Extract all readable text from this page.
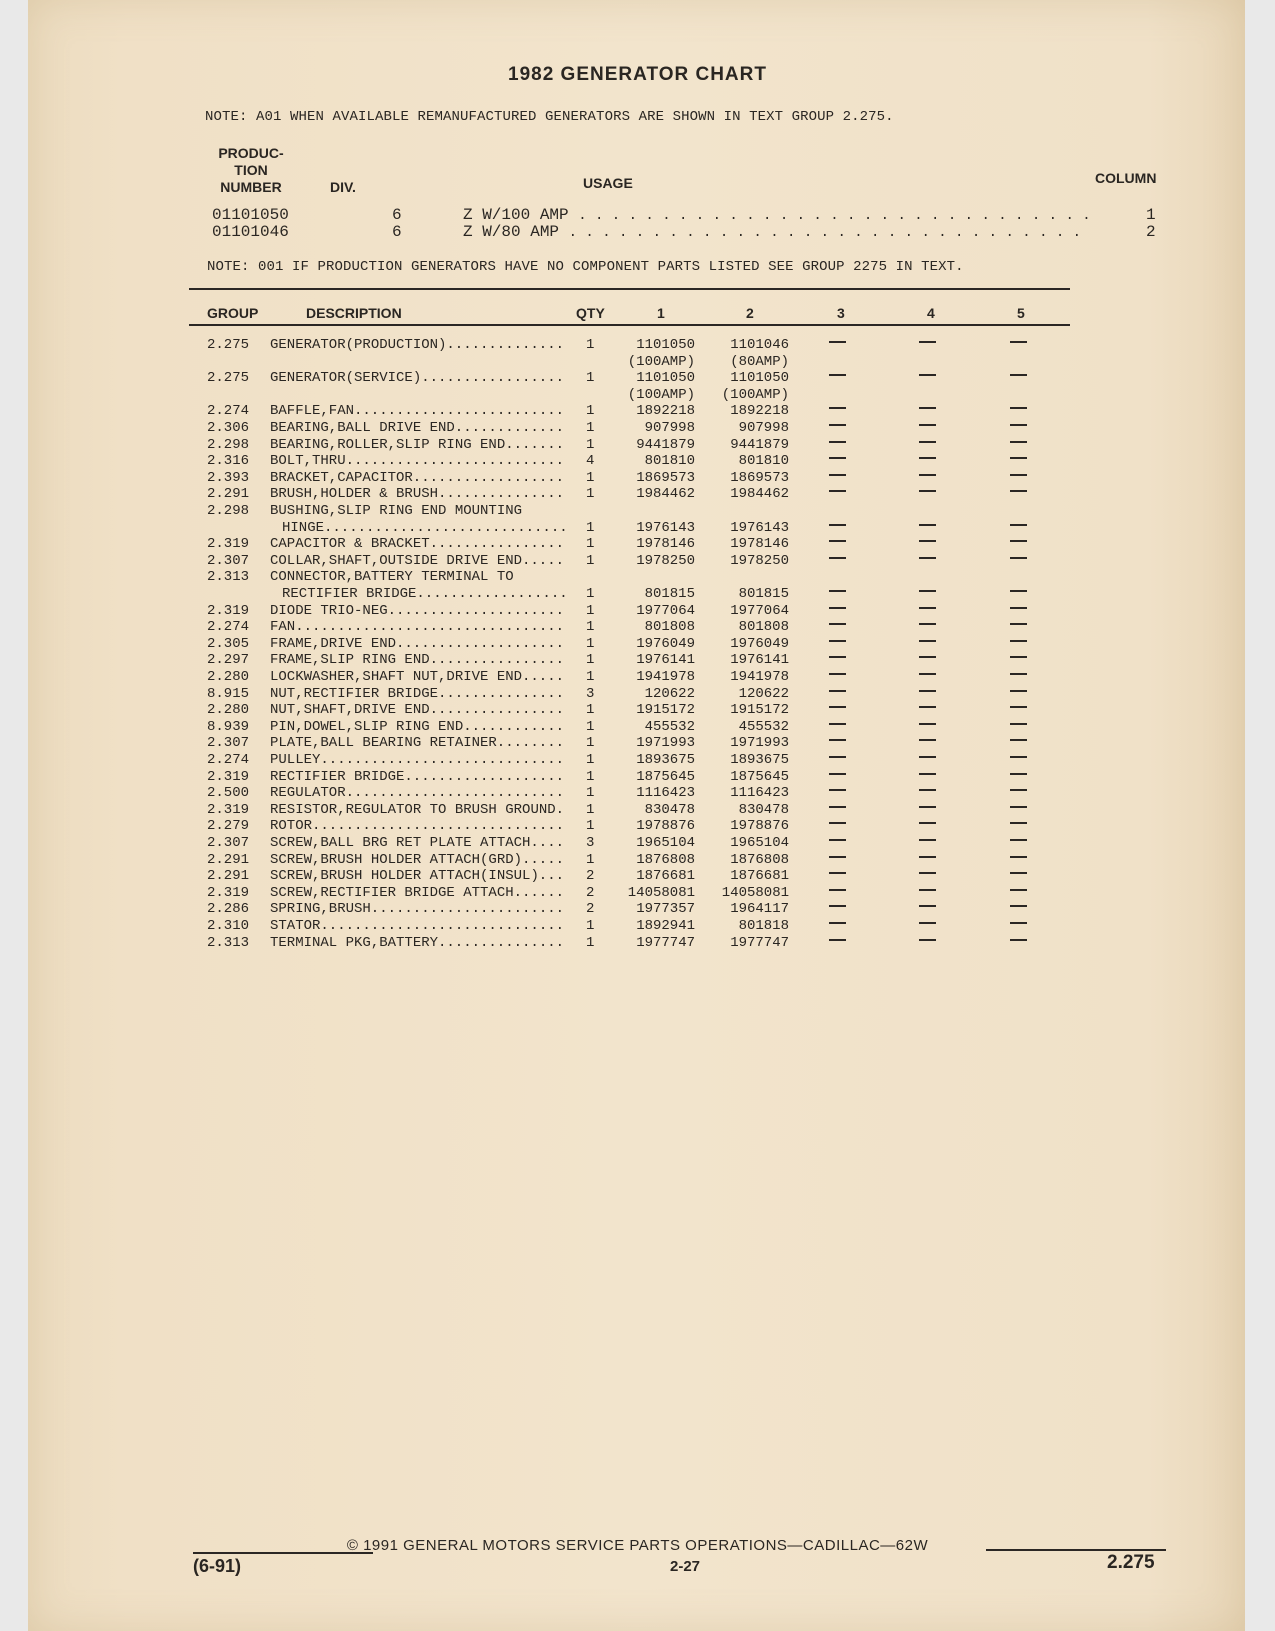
1982 GENERATOR CHART
NOTE: A01 WHEN AVAILABLE REMANUFACTURED GENERATORS ARE SHOWN IN TEXT GROUP 2.275.
PRODUC-
TION
NUMBER	DIV.	USAGE	COLUMN
01101050	6	Z W/100 AMP . . . . . . . . . . . . . . . . . . . . . . . . . . . . . . .	1
01101046	6	Z W/80 AMP . . . . . . . . . . . . . . . . . . . . . . . . . . . . . . .	2
NOTE: 001 IF PRODUCTION GENERATORS HAVE NO COMPONENT PARTS LISTED SEE GROUP 2275 IN TEXT.
GROUP	DESCRIPTION	QTY	1	2	3	4	5
2.275 GENERATOR(PRODUCTION) .............. 1	1101050	1101046
(100AMP)	(80AMP)
2.275 GENERATOR(SERVICE) ................. 1	1101050	1101050
(100AMP)	(100AMP)
2.274 BAFFLE,FAN ......................... 1	1892218	1892218
2.306 BEARING,BALL DRIVE END ............. 1	907998	907998
2.298 BEARING,ROLLER,SLIP RING END ....... 1	9441879	9441879
2.316 BOLT,THRU .......................... 4	801810	801810
2.393 BRACKET,CAPACITOR .................. 1	1869573	1869573
2.291 BRUSH,HOLDER & BRUSH ............... 1	1984462	1984462
2.298 BUSHING,SLIP RING END MOUNTING
HINGE ............................. 1	1976143	1976143
2.319 CAPACITOR & BRACKET ................ 1	1978146	1978146
2.307 COLLAR,SHAFT,OUTSIDE DRIVE END ..... 1	1978250	1978250
2.313 CONNECTOR,BATTERY TERMINAL TO
RECTIFIER BRIDGE .................. 1	801815	801815
2.319 DIODE TRIO-NEG ..................... 1	1977064	1977064
2.274 FAN ................................ 1	801808	801808
2.305 FRAME,DRIVE END .................... 1	1976049	1976049
2.297 FRAME,SLIP RING END ................ 1	1976141	1976141
2.280 LOCKWASHER,SHAFT NUT,DRIVE END ..... 1	1941978	1941978
8.915 NUT,RECTIFIER BRIDGE ............... 3	120622	120622
2.280 NUT,SHAFT,DRIVE END ................ 1	1915172	1915172
8.939 PIN,DOWEL,SLIP RING END ............ 1	455532	455532
2.307 PLATE,BALL BEARING RETAINER ........ 1	1971993	1971993
2.274 PULLEY ............................. 1	1893675	1893675
2.319 RECTIFIER BRIDGE ................... 1	1875645	1875645
2.500 REGULATOR .......................... 1	1116423	1116423
2.319 RESISTOR,REGULATOR TO BRUSH GROUND . 1	830478	830478
2.279 ROTOR .............................. 1	1978876	1978876
2.307 SCREW,BALL BRG RET PLATE ATTACH .... 3	1965104	1965104
2.291 SCREW,BRUSH HOLDER ATTACH(GRD) ..... 1	1876808	1876808
2.291 SCREW,BRUSH HOLDER ATTACH(INSUL) ... 2	1876681	1876681
2.319 SCREW,RECTIFIER BRIDGE ATTACH ...... 2	14058081	14058081
2.286 SPRING,BRUSH ....................... 2	1977357	1964117
2.310 STATOR ............................. 1	1892941	801818
2.313 TERMINAL PKG,BATTERY ............... 1	1977747	1977747
© 1991 GENERAL MOTORS SERVICE PARTS OPERATIONS—CADILLAC—62W
(6-91)	2-27	2.275
